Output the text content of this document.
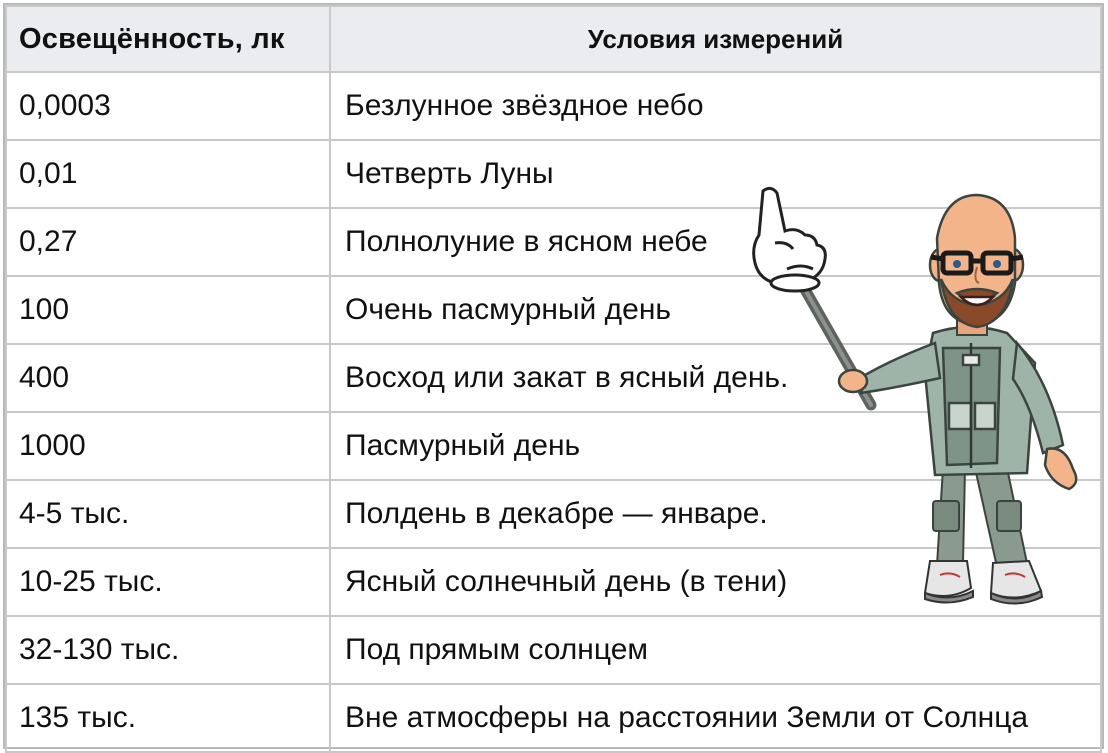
Освещённость, лк	Условия измерений
0,0003	Безлунное звёздное небо
0,01	Четверть Луны
0,27	Полнолуние в ясном небе
100	Очень пасмурный день
400	Восход или закат в ясный день.
1000	Пасмурный день
4-5 тыс.	Полдень в декабре — январе.
10-25 тыс.	Ясный солнечный день (в тени)
32-130 тыс.	Под прямым солнцем
135 тыс.	Вне атмосферы на расстоянии Земли от Солнца
